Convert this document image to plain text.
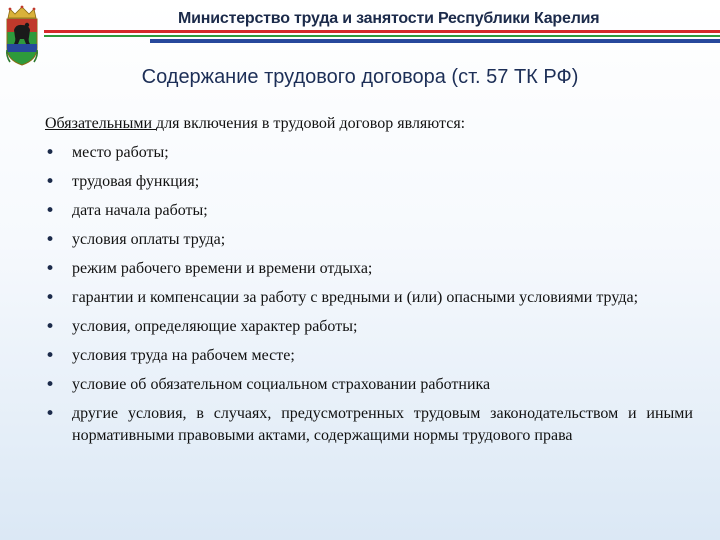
Министерство труда и занятости Республики Карелия
Содержание трудового договора (ст. 57 ТК РФ)

Обязательными для включения в трудовой договор являются:

• место работы;
• трудовая функция;
• дата начала работы;
• условия оплаты труда;
• режим рабочего времени и времени отдыха;
• гарантии и компенсации за работу с вредными и (или) опасными условиями труда;
• условия, определяющие характер работы;
• условия труда на рабочем месте;
• условие об обязательном социальном страховании работника
• другие условия, в случаях, предусмотренных трудовым законодательством и иными нормативными правовыми актами, содержащими нормы трудового права
